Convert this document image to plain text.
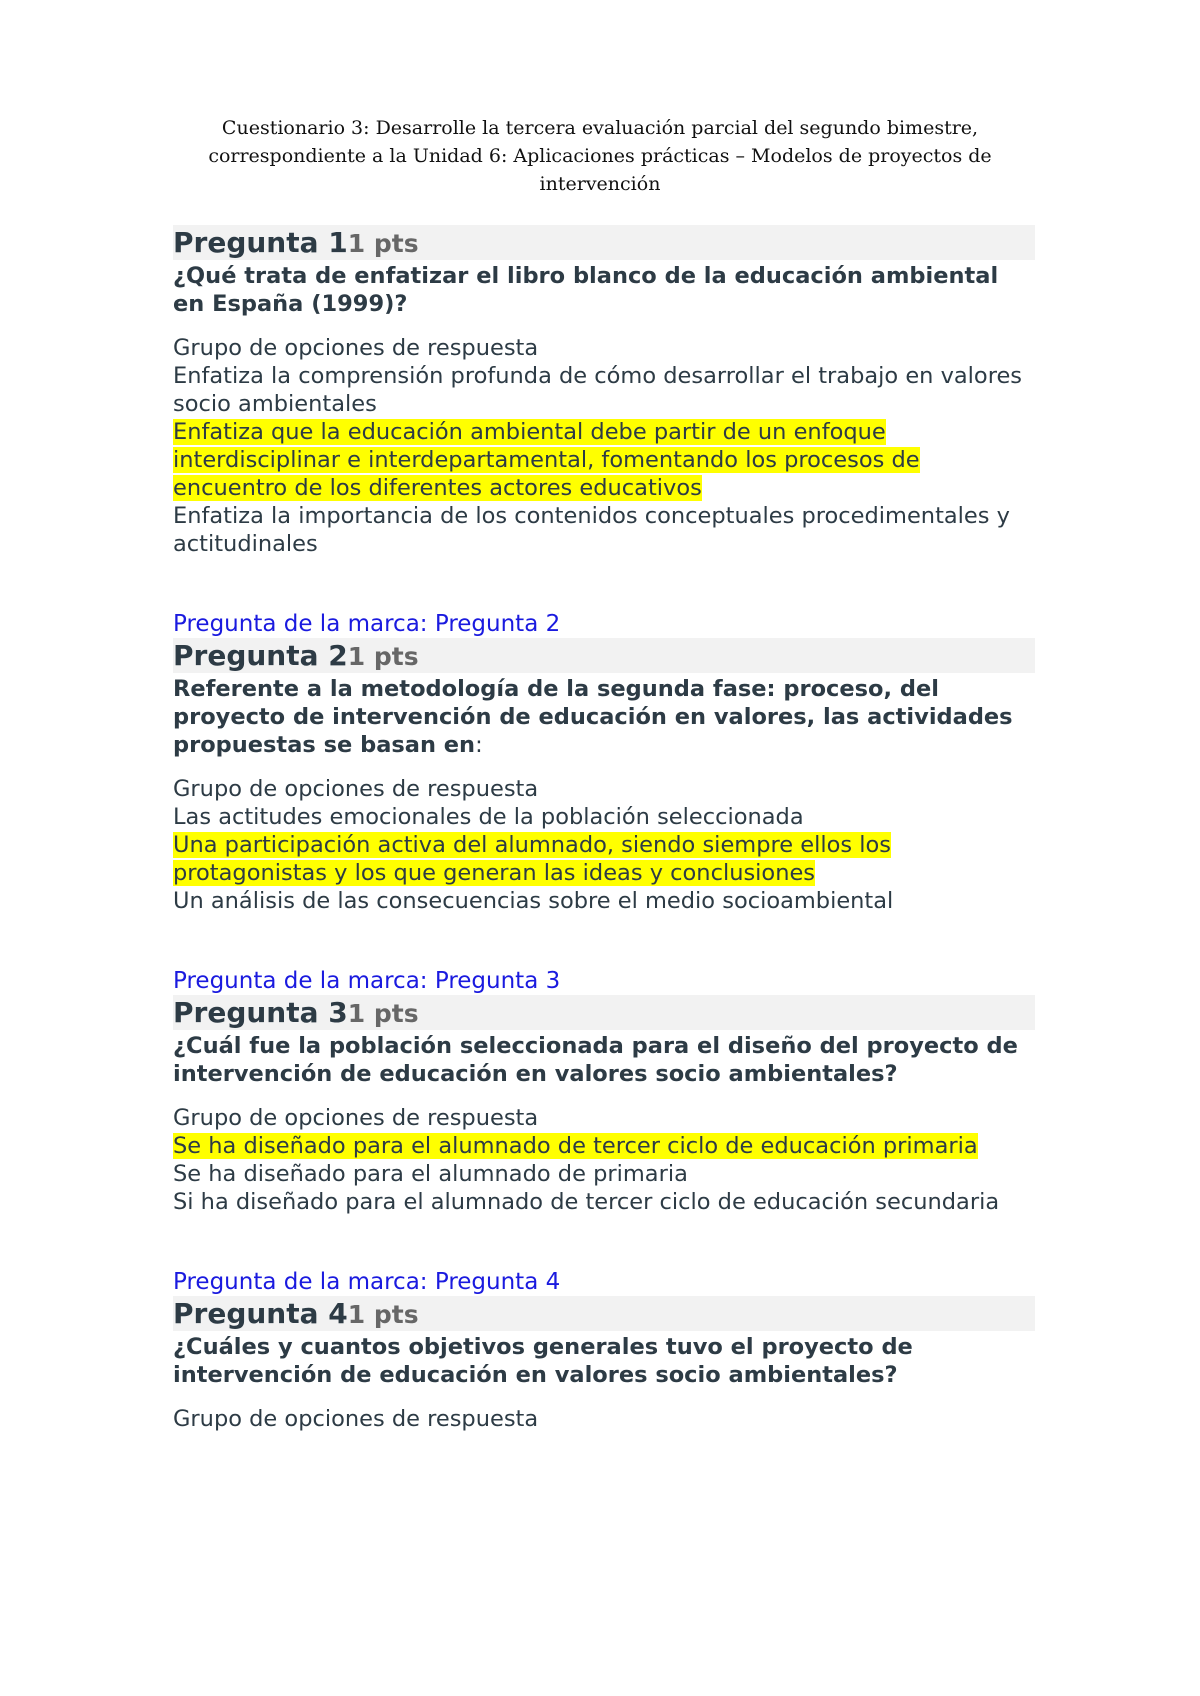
Cuestionario 3: Desarrolle la tercera evaluación parcial del segundo bimestre,
correspondiente a la Unidad 6: Aplicaciones prácticas – Modelos de proyectos de
intervención
Pregunta 11 pts
¿Qué trata de enfatizar el libro blanco de la educación ambiental en España (1999)?
Grupo de opciones de respuesta
Enfatiza la comprensión profunda de cómo desarrollar el trabajo en valores socio ambientales
Enfatiza que la educación ambiental debe partir de un enfoque interdisciplinar e interdepartamental, fomentando los procesos de encuentro de los diferentes actores educativos
Enfatiza la importancia de los contenidos conceptuales procedimentales y actitudinales
Pregunta de la marca: Pregunta 2
Pregunta 21 pts
Referente a la metodología de la segunda fase: proceso, del proyecto de intervención de educación en valores, las actividades propuestas se basan en:
Grupo de opciones de respuesta
Las actitudes emocionales de la población seleccionada
Una participación activa del alumnado, siendo siempre ellos los protagonistas y los que generan las ideas y conclusiones
Un análisis de las consecuencias sobre el medio socioambiental
Pregunta de la marca: Pregunta 3
Pregunta 31 pts
¿Cuál fue la población seleccionada para el diseño del proyecto de intervención de educación en valores socio ambientales?
Grupo de opciones de respuesta
Se ha diseñado para el alumnado de tercer ciclo de educación primaria
Se ha diseñado para el alumnado de primaria
Si ha diseñado para el alumnado de tercer ciclo de educación secundaria
Pregunta de la marca: Pregunta 4
Pregunta 41 pts
¿Cuáles y cuantos objetivos generales tuvo el proyecto de intervención de educación en valores socio ambientales?
Grupo de opciones de respuesta
